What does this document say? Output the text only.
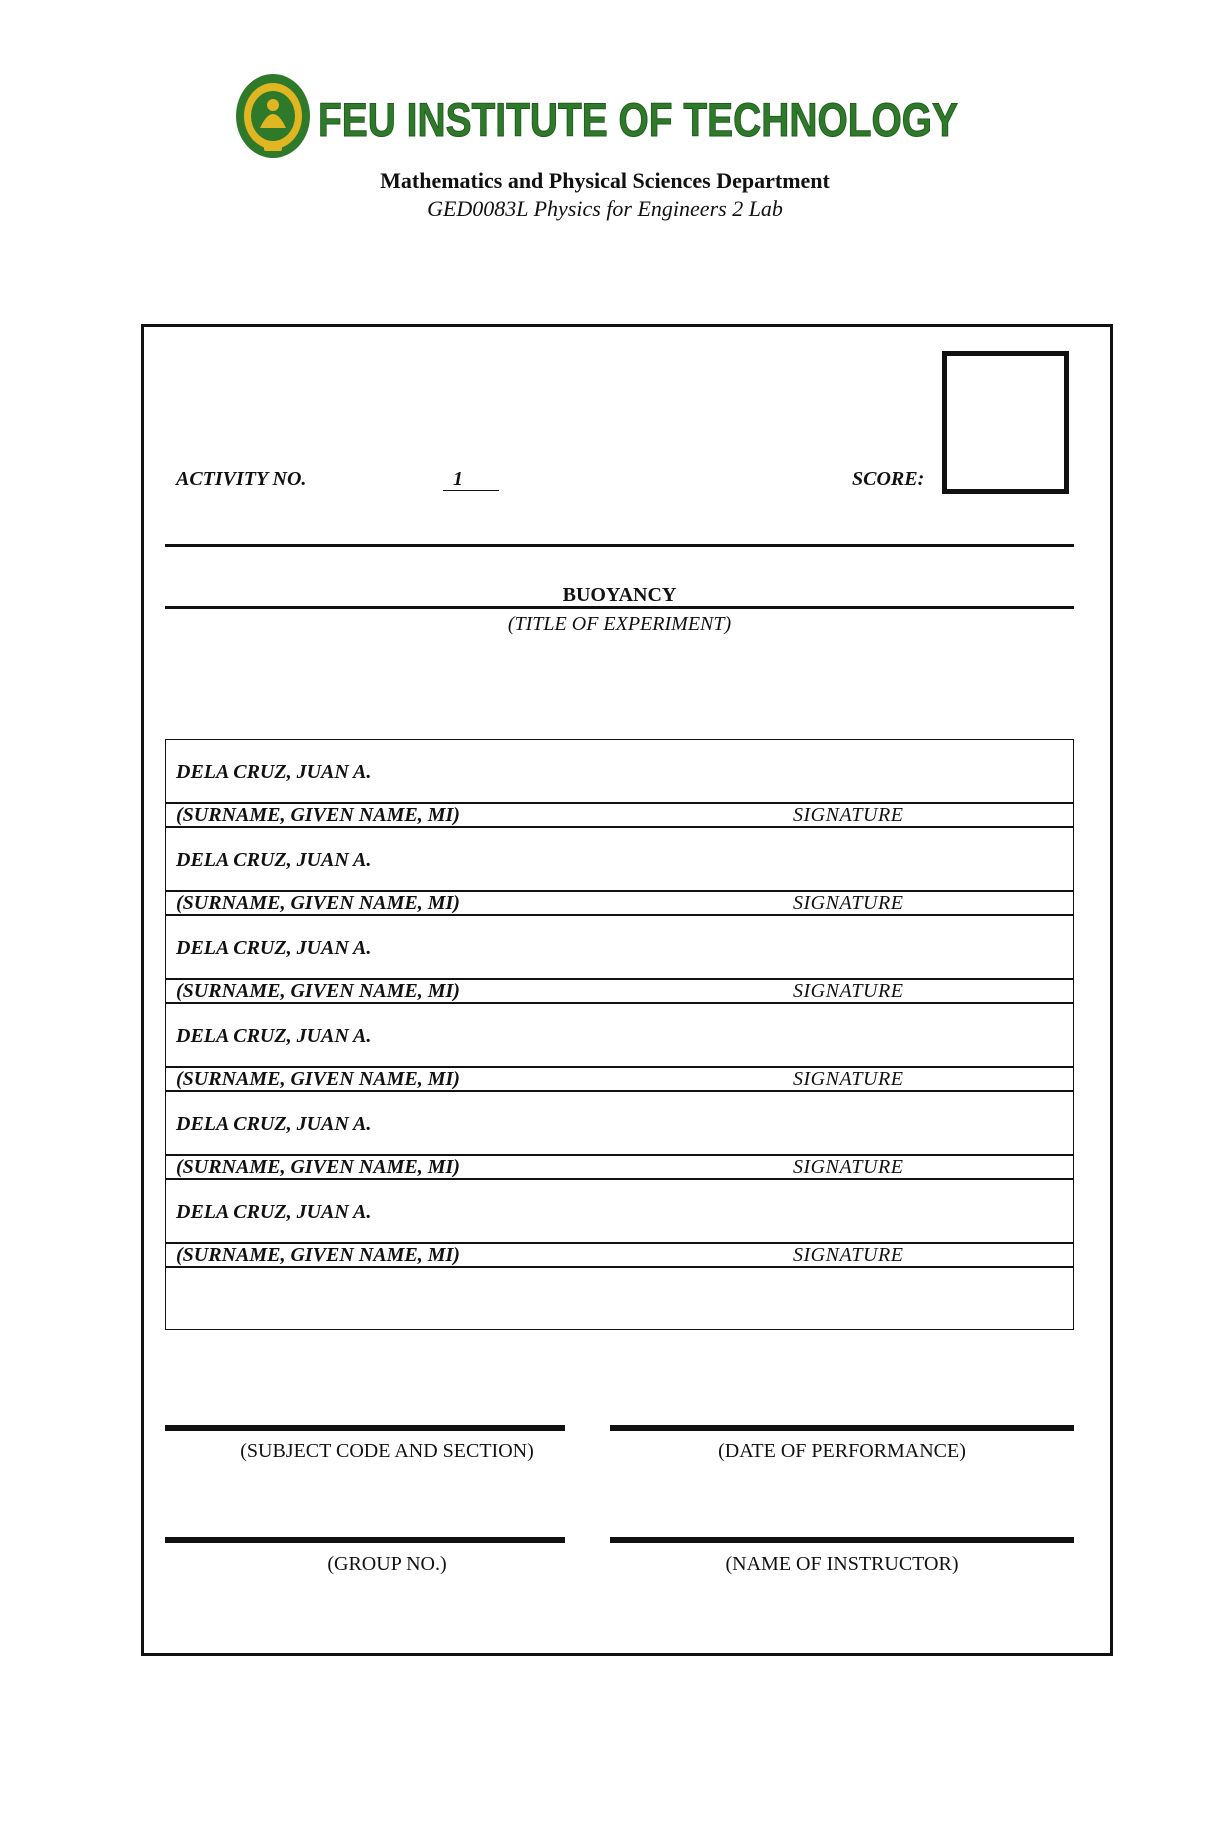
FEU INSTITUTE OF TECHNOLOGY
Mathematics and Physical Sciences Department
GED0083L Physics for Engineers 2 Lab
ACTIVITY NO.	1	SCORE:
BUOYANCY
(TITLE OF EXPERIMENT)
DELA CRUZ, JUAN A.
(SURNAME, GIVEN NAME, MI)	SIGNATURE
DELA CRUZ, JUAN A.
(SURNAME, GIVEN NAME, MI)	SIGNATURE
DELA CRUZ, JUAN A.
(SURNAME, GIVEN NAME, MI)	SIGNATURE
DELA CRUZ, JUAN A.
(SURNAME, GIVEN NAME, MI)	SIGNATURE
DELA CRUZ, JUAN A.
(SURNAME, GIVEN NAME, MI)	SIGNATURE
DELA CRUZ, JUAN A.
(SURNAME, GIVEN NAME, MI)	SIGNATURE
(SUBJECT CODE AND SECTION)	(DATE OF PERFORMANCE)
(GROUP NO.)	(NAME OF INSTRUCTOR)
